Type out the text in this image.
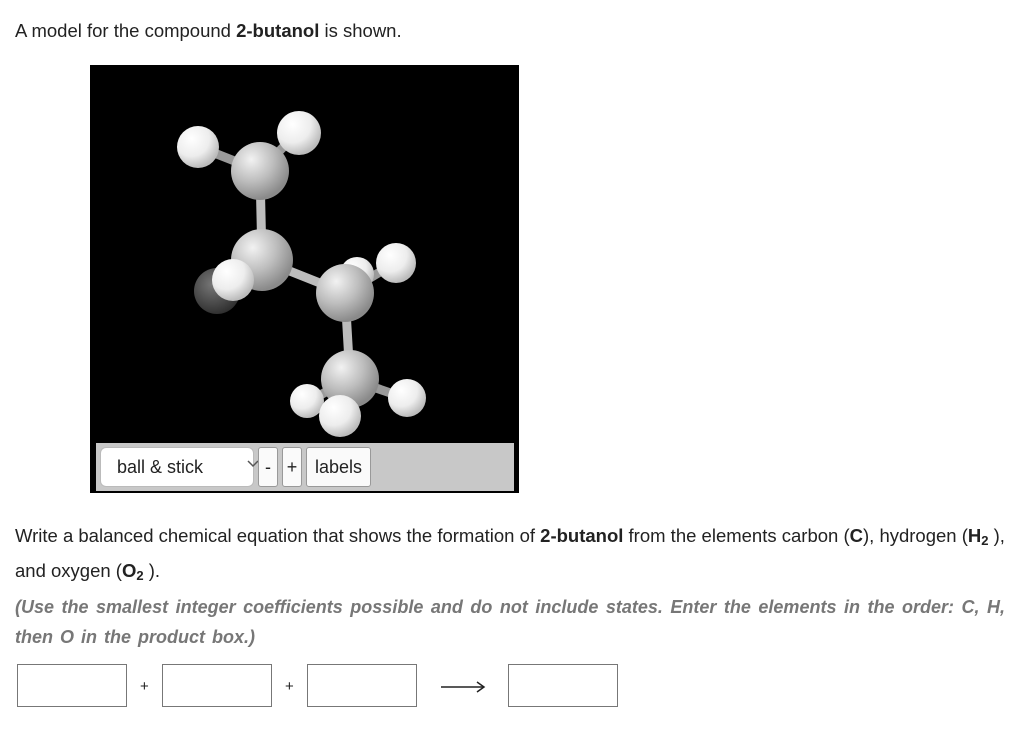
A model for the compound 2-butanol is shown.

ball & stick	- + labels

Write a balanced chemical equation that shows the formation of 2-butanol from the elements carbon (C), hydrogen ($H_2$ ), and oxygen ($O_2$ ).

(Use the smallest integer coefficients possible and do not include states. Enter the elements in the order: C, H, then O in the product box.)

+	+
